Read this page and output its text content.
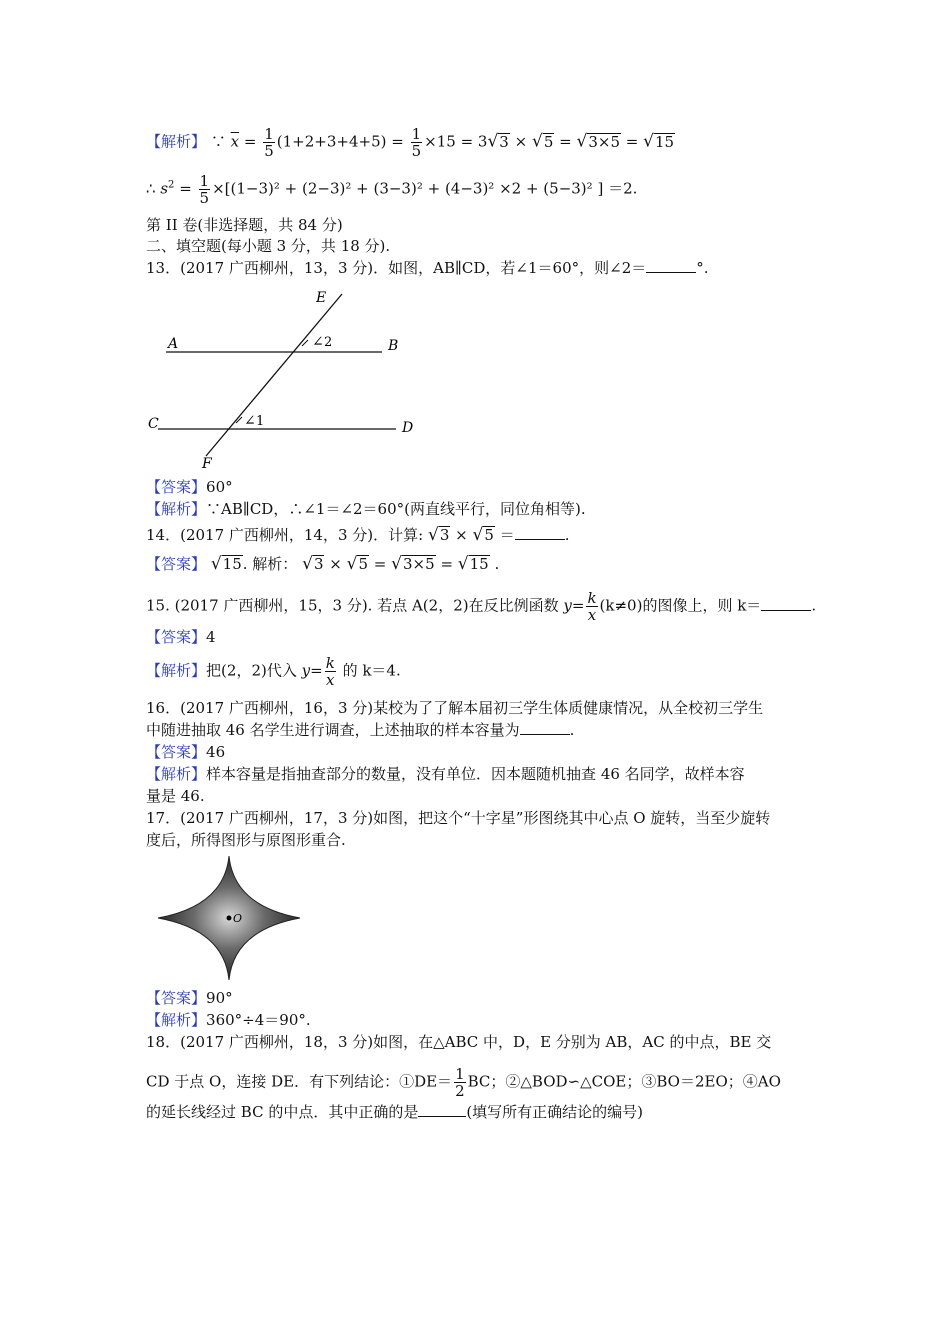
【解析】 ∵ $\overline{x} = \frac{1}{5} (1+2+3+4+5) = \frac{1}{5} \times 15 = 3√3 \times √5 = √3\times 5 = √15$
∴ $s^2 = \frac{1}{5} \times[(1-3)^2 + (2-3)^2 + (3-3)^2 + (4-3)^2 \times 2 + (5-3)^2$ ] ＝2.
第 II 卷(非选择题，共 84 分)
二、填空题(每小题 3 分，共 18 分).
13．(2017 广西柳州，13，3 分)．如图，AB∥CD，若∠1＝60°，则∠2＝	°.
E
A	B
C	D
F
∠ 2
∠ 1
【答案】60°
【解析】∵AB∥CD，∴∠1＝∠2＝60°(两直线平行，同位角相等).
14．(2017 广西柳州，14，3 分)．计算: √3 × √5 ＝	.
【答案】 √15. 解析： √3 × √5 = √3×5 = √15 .
15. (2017 广西柳州，15，3 分). 若点 A(2，2)在反比例函数 $y= \frac{k}{x} (k\ne 0)$的图像上，则 k＝	.
【答案】4
【解析】把(2，2)代入 $y= \frac{k}{x}$ 的 k＝4.
16．(2017 广西柳州，16，3 分)某校为了了解本届初三学生体质健康情况，从全校初三学生
中随进抽取 46 名学生进行调查，上述抽取的样本容量为	.
【答案】46
【解析】样本容量是指抽查部分的数量，没有单位．因本题随机抽查 46 名同学，故样本容
量是 46.
17．(2017 广西柳州，17，3 分)如图，把这个“十字星”形图绕其中心点 O 旋转，当至少旋转
度后，所得图形与原图形重合.
O
【答案】90°
【解析】360°÷4＝90°.
18．(2017 广西柳州，18，3 分)如图，在△ABC 中，D，E 分别为 AB，AC 的中点，BE 交
CD 于点 O，连接 DE．有下列结论：①DE＝ $\frac{1}{2}$ BC；②△BOD∽△COE；③BO＝2EO；④AO
的延长线经过 BC 的中点．其中正确的是	(填写所有正确结论的编号)
